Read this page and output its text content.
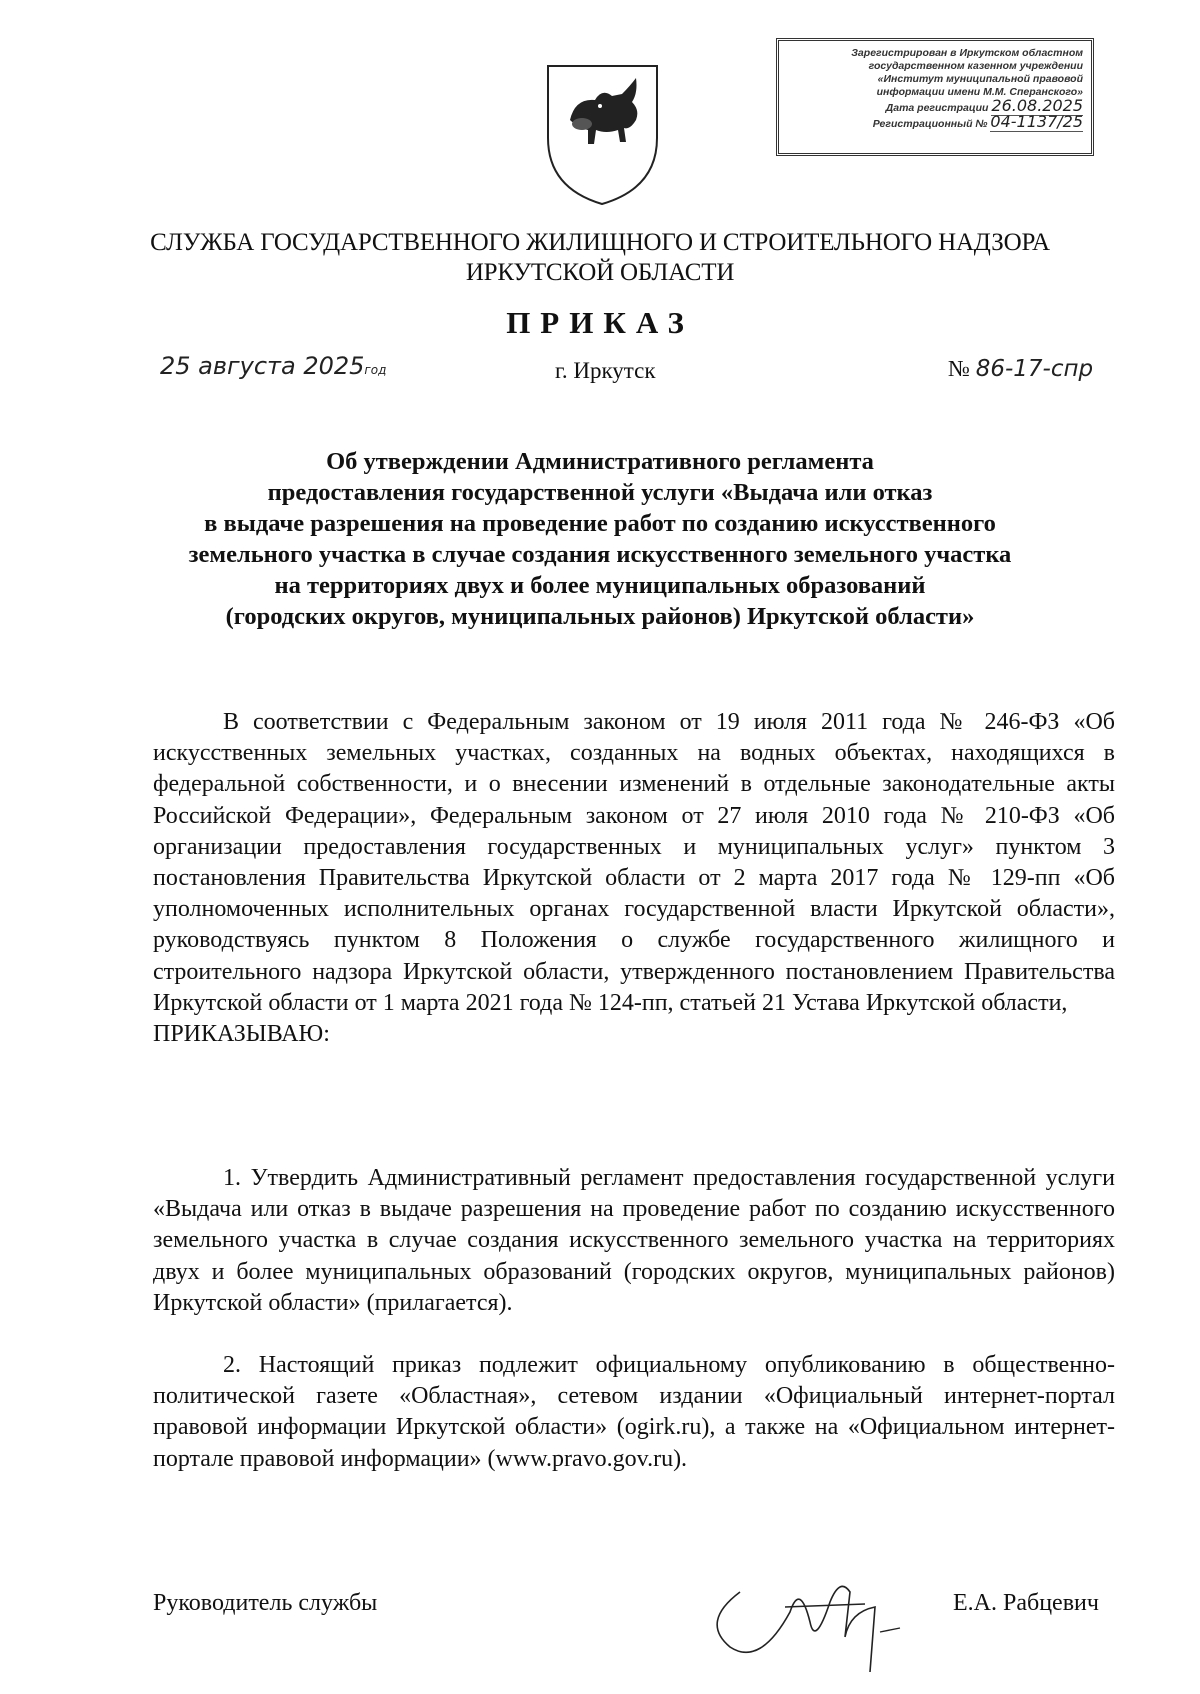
Зарегистрирован в Иркутском областном
государственном казенном учреждении
«Институт муниципальной правовой
информации имени М.М. Сперанского»
Дата регистрации 26.08.2025
Регистрационный № 04-1137/25
СЛУЖБА ГОСУДАРСТВЕННОГО ЖИЛИЩНОГО И СТРОИТЕЛЬНОГО НАДЗОРА
ИРКУТСКОЙ ОБЛАСТИ
ПРИКАЗ
25 августа 2025год	г. Иркутск	№ 86-17-спр
Об утверждении Административного регламента
предоставления государственной услуги «Выдача или отказ
в выдаче разрешения на проведение работ по созданию искусственного
земельного участка в случае создания искусственного земельного участка
на территориях двух и более муниципальных образований
(городских округов, муниципальных районов) Иркутской области»

В соответствии с Федеральным законом от 19 июля 2011 года № 246-ФЗ «Об искусственных земельных участках, созданных на водных объектах, находящихся в федеральной собственности, и о внесении изменений в отдельные законодательные акты Российской Федерации», Федеральным законом от 27 июля 2010 года № 210-ФЗ «Об организации предоставления государственных и муниципальных услуг» пунктом 3 постановления Правительства Иркутской области от 2 марта 2017 года № 129-пп «Об уполномоченных исполнительных органах государственной власти Иркутской области», руководствуясь пунктом 8 Положения о службе государственного жилищного и строительного надзора Иркутской области, утвержденного постановлением Правительства Иркутской области от 1 марта 2021 года № 124-пп, статьей 21 Устава Иркутской области,

ПРИКАЗЫВАЮ:

1. Утвердить Административный регламент предоставления государственной услуги «Выдача или отказ в выдаче разрешения на проведение работ по созданию искусственного земельного участка в случае создания искусственного земельного участка на территориях двух и более муниципальных образований (городских округов, муниципальных районов) Иркутской области» (прилагается).

2. Настоящий приказ подлежит официальному опубликованию в общественно-политической газете «Областная», сетевом издании «Официальный интернет-портал правовой информации Иркутской области» (ogirk.ru), а также на «Официальном интернет-портале правовой информации» (www.pravo.gov.ru).

Руководитель службы	Е.А. Рабцевич
